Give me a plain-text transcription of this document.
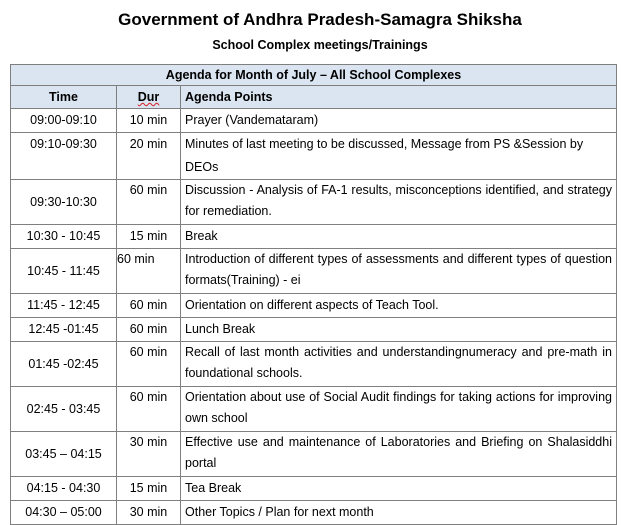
Government of Andhra Pradesh-Samagra Shiksha
School Complex meetings/Trainings
Agenda for Month of July – All School Complexes		
Time	Dur	Agenda Points
09:00-09:10	10 min	Prayer (Vandemataram)
09:10-09:30	20 min	Minutes of last meeting to be discussed, Message from PS &Session by DEOs
09:30-10:30	60 min	Discussion - Analysis of FA-1 results, misconceptions identified, and strategy for remediation.
10:30 - 10:45	15 min	Break
10:45 - 11:45	60 min	Introduction of different types of assessments and different types of question formats(Training) - ei
11:45 - 12:45	60 min	Orientation on different aspects of Teach Tool.
12:45 -01:45	60 min	Lunch Break
01:45 -02:45	60 min	Recall of last month activities and understandingnumeracy and pre-math in foundational schools.
02:45 - 03:45	60 min	Orientation about use of Social Audit findings for taking actions for improving own school
03:45 – 04:15	30 min	Effective use and maintenance of Laboratories and Briefing on Shalasiddhi portal
04:15 - 04:30	15 min	Tea Break
04:30 – 05:00	30 min	Other Topics / Plan for next month
